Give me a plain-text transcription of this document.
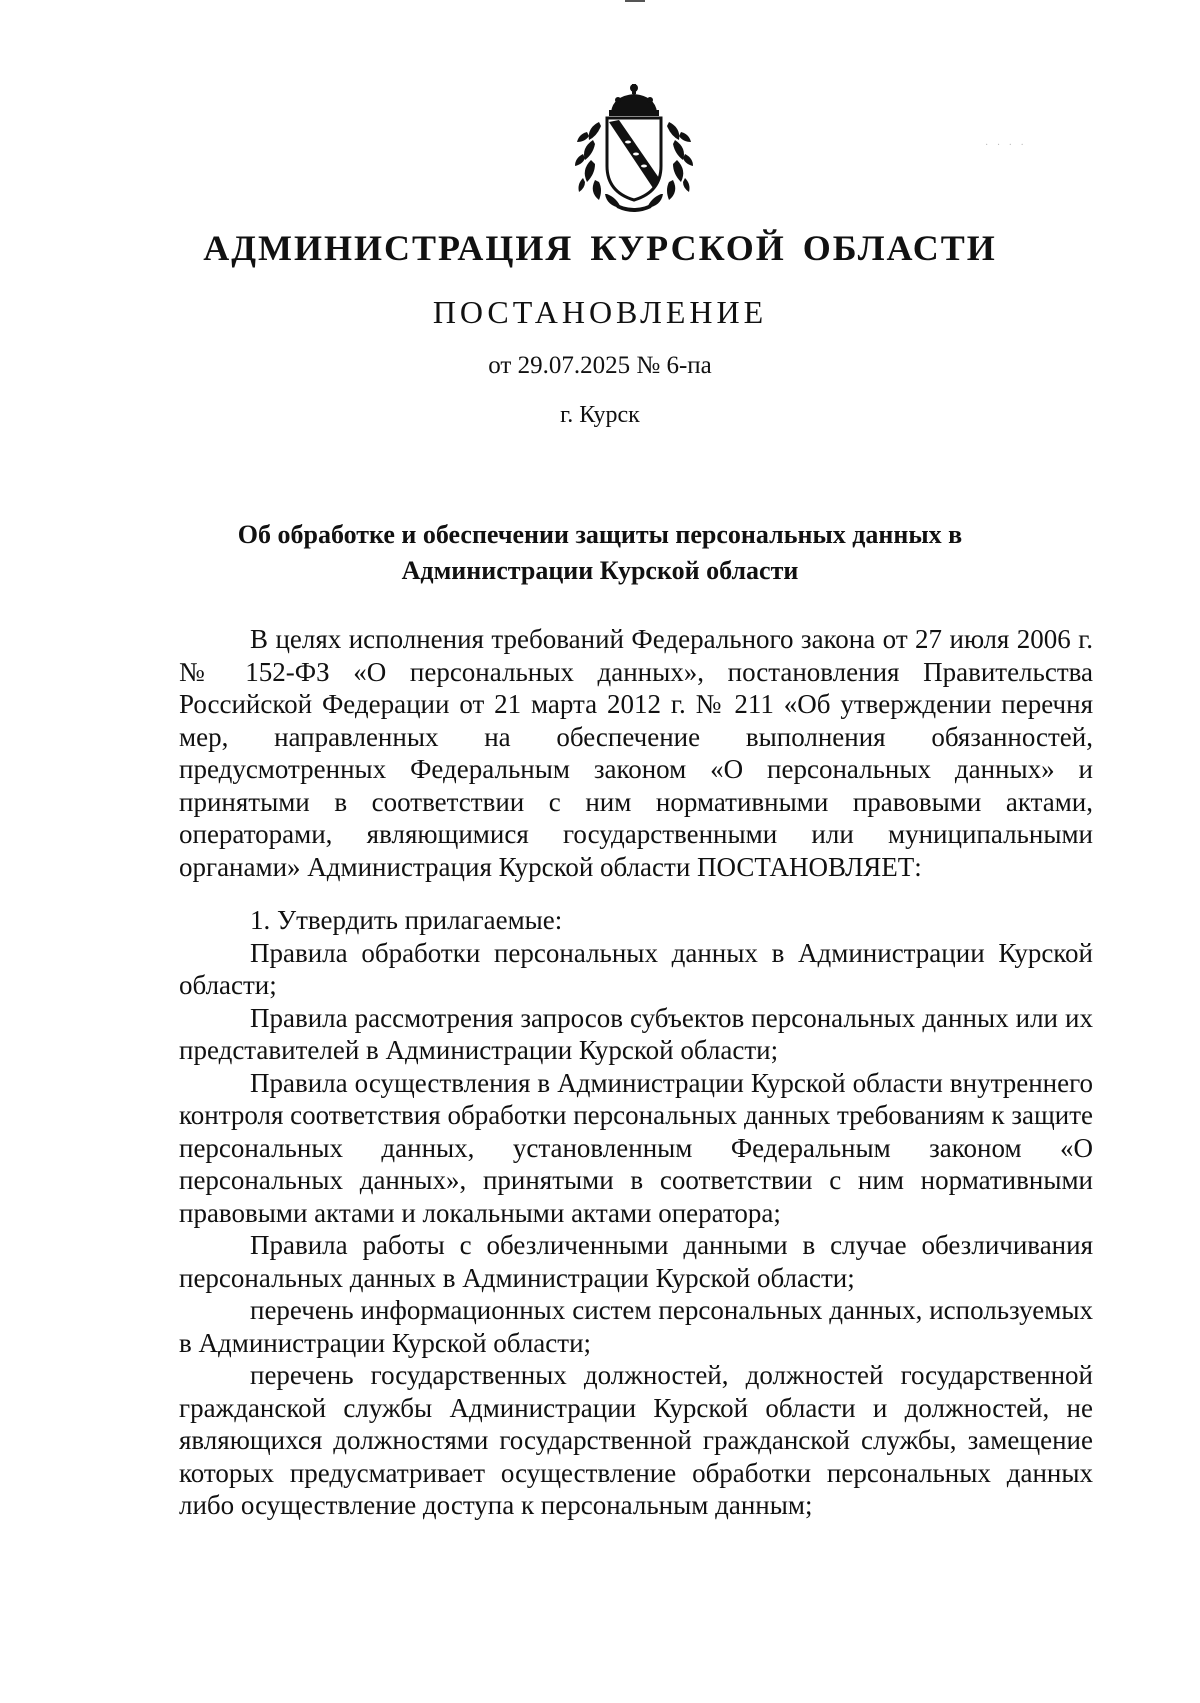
· · · ·
АДМИНИСТРАЦИЯ КУРСКОЙ ОБЛАСТИ
ПОСТАНОВЛЕНИЕ
от 29.07.2025 № 6-па
г. Курск
Об обработке и обеспечении защиты персональных данных в
Администрации Курской области

В целях исполнения требований Федерального закона от 27 июля 2006 г. № 152-ФЗ «О персональных данных», постановления Правительства Российской Федерации от 21 марта 2012 г. № 211 «Об утверждении перечня мер, направленных на обеспечение выполнения обязанностей, предусмотренных Федеральным законом «О персональных данных» и принятыми в соответствии с ним нормативными правовыми актами, операторами, являющимися государственными или муниципальными органами» Администрация Курской области ПОСТАНОВЛЯЕТ:

1. Утвердить прилагаемые:

Правила обработки персональных данных в Администрации Курской области;

Правила рассмотрения запросов субъектов персональных данных или их представителей в Администрации Курской области;

Правила осуществления в Администрации Курской области внутреннего контроля соответствия обработки персональных данных требованиям к защите персональных данных, установленным Федеральным законом «О персональных данных», принятыми в соответствии с ним нормативными правовыми актами и локальными актами оператора;

Правила работы с обезличенными данными в случае обезличивания персональных данных в Администрации Курской области;

перечень информационных систем персональных данных, используемых в Администрации Курской области;

перечень государственных должностей, должностей государственной гражданской службы Администрации Курской области и должностей, не являющихся должностями государственной гражданской службы, замещение которых предусматривает осуществление обработки персональных данных либо осуществление доступа к персональным данным;
